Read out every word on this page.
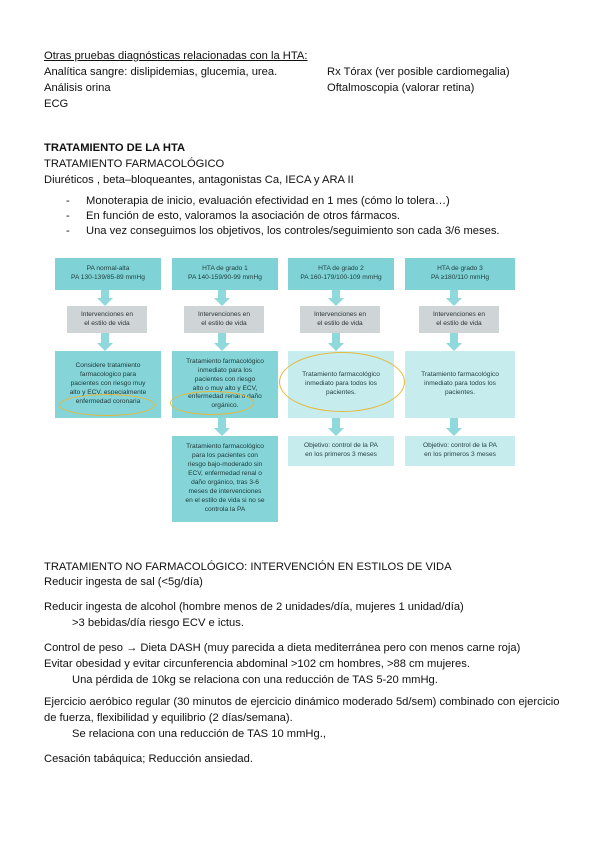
Otras pruebas diagnósticas relacionadas con la HTA:
Analítica sangre: dislipidemias, glucemia, urea.
Análisis orina
ECG
Rx Tórax (ver posible cardiomegalia)
Oftalmoscopia (valorar retina)
TRATAMIENTO DE LA HTA
TRATAMIENTO FARMACOLÓGICO
Diuréticos , beta–bloqueantes, antagonistas Ca, IECA y ARA II
- Monoterapia de inicio, evaluación efectividad en 1 mes (cómo lo tolera…)
- En función de esto, valoramos la asociación de otros fármacos.
- Una vez conseguimos los objetivos, los controles/seguimiento son cada 3/6 meses.
PA normal-alta
PA 130-139/85-89 mmHg
Intervenciones en
el estilo de vida
Considere tratamiento
farmacologico para
pacientes con riesgo muy
alto y ECV, especialmente
enfermedad coronaria
HTA de grado 1
PA 140-159/90-99 mmHg
Intervenciones en
el estilo de vida
Tratamiento farmacológico
inmediato para los
pacientes con riesgo
alto o muy alto y ECV,
enfermedad renal o daño
orgánico.
Tratamiento farmacológico
para los pacientes con
riesgo bajo-moderado sin
ECV, enfermedad renal o
daño orgánico, tras 3-6
meses de intervenciones
en el estilo de vida si no se
controla la PA
HTA de grado 2
PA 160-179/100-109 mmHg
Intervenciones en
el estilo de vida
Tratamiento farmacológico
inmediato para todos los
pacientes.
Objetivo: control de la PA
en los primeros 3 meses
HTA de grado 3
PA ≥180/110 mmHg
Intervenciones en
el estilo de vida
Tratamiento farmacológico
inmediato para todos los
pacientes.
Objetivo: control de la PA
en los primeros 3 meses
TRATAMIENTO NO FARMACOLÓGICO: INTERVENCIÓN EN ESTILOS DE VIDA
Reducir ingesta de sal (<5g/día)
Reducir ingesta de alcohol (hombre menos de 2 unidades/día, mujeres 1 unidad/día)
>3 bebidas/día riesgo ECV e ictus.
Control de peso → Dieta DASH (muy parecida a dieta mediterránea pero con menos carne roja)
Evitar obesidad y evitar circunferencia abdominal >102 cm hombres, >88 cm mujeres.
Una pérdida de 10kg se relaciona con una reducción de TAS 5-20 mmHg.
Ejercicio aeróbico regular (30 minutos de ejercicio dinámico moderado 5d/sem) combinado con ejercicio
de fuerza, flexibilidad y equilibrio (2 días/semana).
Se relaciona con una reducción de TAS 10 mmHg.,
Cesación tabáquica; Reducción ansiedad.
